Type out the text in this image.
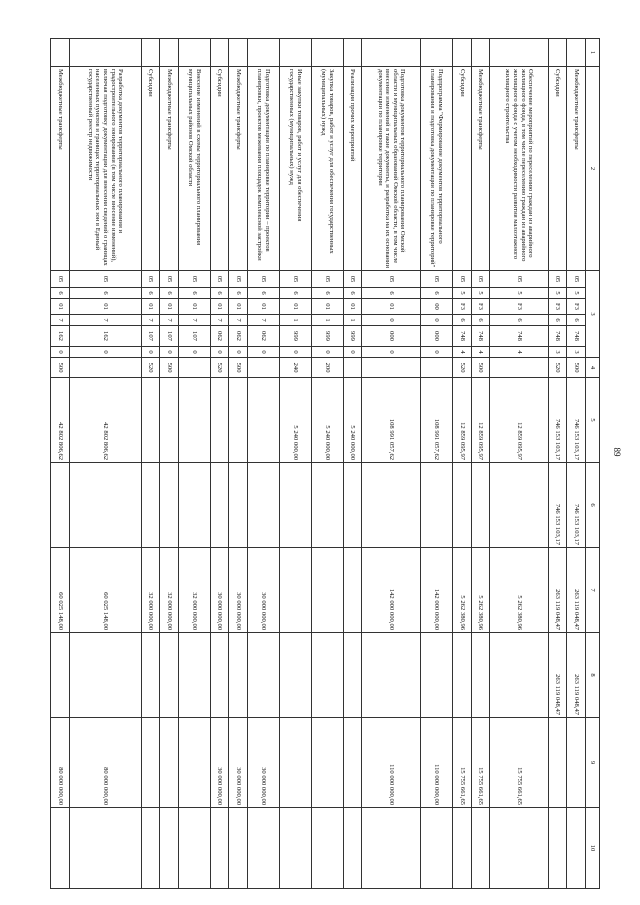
89
1	2	3						4	5	6	7	8	9	10
	Межбюджетные трансферты	05	5	F3	6	748	3	500	746 153 103,17	746 153 103,17	263 119 048,47	263 119 048,47		
	Субсидии	05	5	F3	6	748	3	520	746 153 103,17	746 153 103,17	263 119 048,47	263 119 048,47		
	Обеспечение мероприятий по переселению граждан из аварийного жилищного фонда, в том числе переселению граждан из аварийного жилищного фонда с учетом необходимости развития малоэтажного жилищного строительства	05	5	F3	6	748	4		12 859 095,97		5 262 380,96		15 755 661,65	
	Межбюджетные трансферты	05	5	F3	6	748	4	500	12 859 095,97		5 262 380,96		15 755 661,65	
	Субсидии	05	5	F3	6	748	4	520	12 859 095,97		5 262 380,96		15 755 661,65	
	Подпрограмма "Формирование документов территориального планирования и подготовка документации по планировке территорий"	05	6	00	0	000	0		108 991 057,62		142 000 000,00		110 000 000,00	
	Подготовка документов территориального планирования Омской области и муниципальных образований Омской области, в том числе внесение изменений в такие документы, и разработка на их основании документации по планировке территории	05	6	01	0	000	0		108 991 057,62		142 000 000,00		110 000 000,00	
	Реализация прочих мероприятий	05	6	01	1	999	0		5 240 000,00					
	Закупка товаров, работ и услуг для обеспечения государственных (муниципальных) нужд	05	6	01	1	999	0	200	5 240 000,00					
	Иные закупки товаров, работ и услуг для обеспечения государственных (муниципальных) нужд	05	6	01	1	999	0	240	5 240 000,00					
	Подготовка документации по планировке территории – проектов планировки, проектов межевания площадок комплексной застройки	05	6	01	7	062	0				30 000 000,00		30 000 000,00	
	Межбюджетные трансферты	05	6	01	7	062	0	500			30 000 000,00		30 000 000,00	
	Субсидии	05	6	01	7	062	0	520			30 000 000,00		30 000 000,00	
	Внесение изменений в схемы территориального планирования муниципальных районов Омской области	05	6	01	7	107	0				32 000 000,00			
	Межбюджетные трансферты	05	6	01	7	107	0	500			32 000 000,00			
	Субсидии	05	6	01	7	107	0	520			32 000 000,00			
	Разработка документов территориального планирования и градостроительного зонирования (в том числе внесение изменений), включая подготовку документации для внесения сведений о границах населенных пунктов и границах территориальных зон в Единый государственный реестр недвижимости	05	6	01	7	162	0		42 802 806,62		60 025 148,00		80 000 000,00	
	Межбюджетные трансферты	05	6	01	7	162	0	500	42 802 806,62		60 025 148,00		80 000 000,00	
